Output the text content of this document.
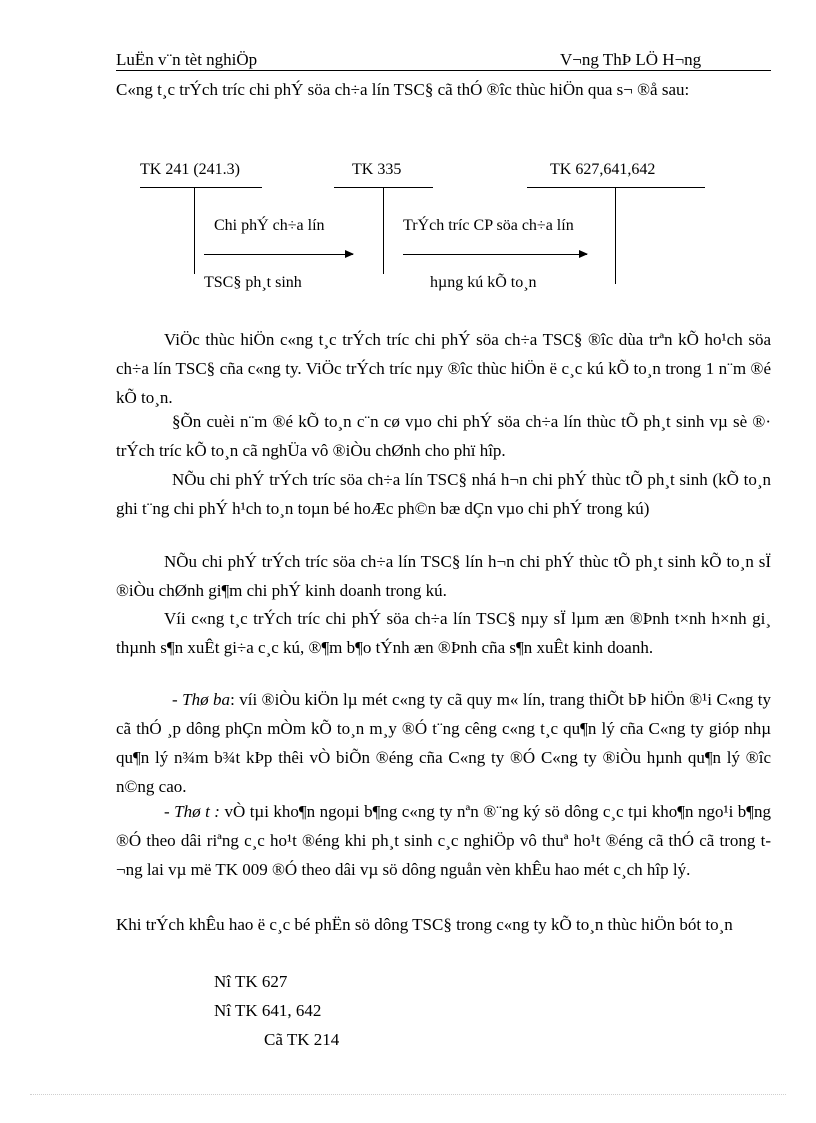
LuËn v¨n tèt nghiÖp	V¬ng ThÞ LÖ H¬ng
C«ng t¸c trÝch tríc chi phÝ söa ch÷a lín TSC§ cã thÓ ®îc thùc hiÖn qua s¬ ®å sau:
TK 241 (241.3)	TK 335	TK 627,641,642
Chi phÝ ch÷a lín	TrÝch tríc CP söa ch÷a lín
TSC§ ph¸t sinh	hµng kú kÕ to¸n
ViÖc thùc hiÖn c«ng t¸c trÝch tríc chi phÝ söa ch÷a TSC§ ®îc dùa trªn kÕ ho¹ch söa ch÷a lín TSC§ cña c«ng ty. ViÖc trÝch tríc nµy ®îc thùc hiÖn ë c¸c kú kÕ to¸n trong 1 n¨m ®é kÕ to¸n.
§Õn cuèi n¨m ®é kÕ to¸n c¨n cø vµo chi phÝ söa ch÷a lín thùc tÕ ph¸t sinh vµ sè ®· trÝch tríc kÕ to¸n cã nghÜa vô ®iÒu chØnh cho phï hîp.
NÕu chi phÝ trÝch tríc söa ch÷a lín TSC§ nhá h¬n chi phÝ thùc tÕ ph¸t sinh (kÕ to¸n ghi t¨ng chi phÝ h¹ch to¸n toµn bé hoÆc ph©n bæ dÇn vµo chi phÝ trong kú)
NÕu chi phÝ trÝch tríc söa ch÷a lín TSC§ lín h¬n chi phÝ thùc tÕ ph¸t sinh kÕ to¸n sÏ ®iÒu chØnh gi¶m chi phÝ kinh doanh trong kú.
Víi c«ng t¸c trÝch tríc chi phÝ söa ch÷a lín TSC§ nµy sÏ lµm æn ®Þnh t×nh h×nh gi¸ thµnh s¶n xuÊt gi÷a c¸c kú, ®¶m b¶o tÝnh æn ®Þnh cña s¶n xuÊt kinh doanh.
- Thø ba: víi ®iÒu kiÖn lµ mét c«ng ty cã quy m« lín, trang thiÕt bÞ hiÖn ®¹i C«ng ty cã thÓ ¸p dông phÇn mÒm kÕ to¸n m¸y ®Ó t¨ng cêng c«ng t¸c qu¶n lý cña C«ng ty gióp nhµ qu¶n lý n¾m b¾t kÞp thêi vÒ biÕn ®éng cña C«ng ty ®Ó C«ng ty ®iÒu hµnh qu¶n lý ®îc n©ng cao.
- Thø t : vÒ tµi kho¶n ngoµi b¶ng c«ng ty nªn ®¨ng ký sö dông c¸c tµi kho¶n ngo¹i b¶ng ®Ó theo dâi riªng c¸c ho¹t ®éng khi ph¸t sinh c¸c nghiÖp vô thuª ho¹t ®éng cã thÓ cã trong t¬ng lai vµ më TK 009 ®Ó theo dâi vµ sö dông nguån vèn khÊu hao mét c¸ch hîp lý.
Khi trÝch khÊu hao ë c¸c bé phËn sö dông TSC§ trong c«ng ty kÕ to¸n thùc hiÖn bót to¸n
Nî TK 627
Nî TK 641, 642
Cã TK 214
